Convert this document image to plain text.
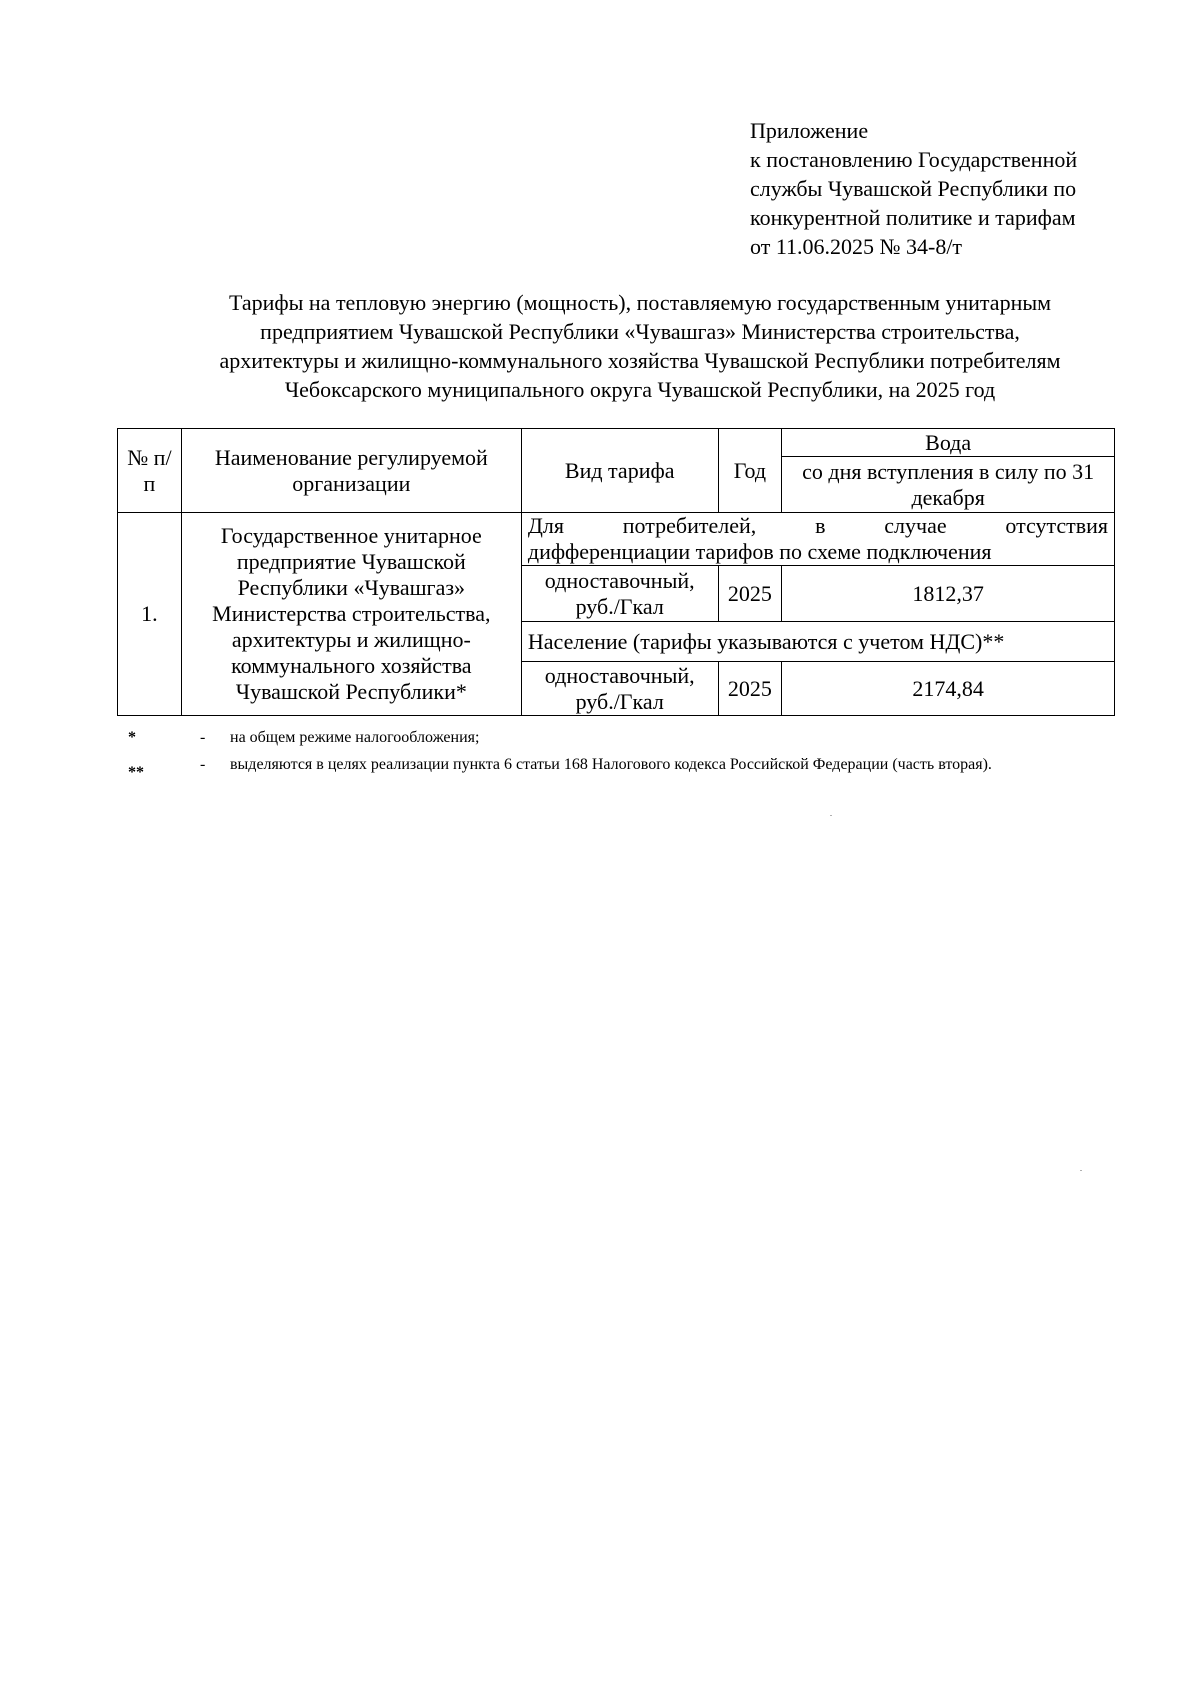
Приложение
к постановлению Государственной
службы Чувашской Республики по
конкурентной политике и тарифам
от 11.06.2025 № 34-8/т
Тарифы на тепловую энергию (мощность), поставляемую государственным унитарным
предприятием Чувашской Республики «Чувашгаз» Министерства строительства,
архитектуры и жилищно-коммунального хозяйства Чувашской Республики потребителям
Чебоксарского муниципального округа Чувашской Республики, на 2025 год
№ п/п	Наименование регулируемой организации	Вид тарифа	Год	Вода
				со дня вступления в силу по 31 декабря
1.	Государственное унитарное предприятие Чувашской Республики «Чувашгаз» Министерства строительства, архитектуры и жилищно-коммунального хозяйства Чувашской Республики*	Для потребителей, в случае отсутствия
дифференциации тарифов по схеме подключения		
		одноставочный, руб./Гкал	2025	1812,37
		Население (тарифы указываются с учетом НДС)**		
		одноставочный, руб./Гкал	2025	2174,84
*	- на общем режиме налогообложения;
**	- выделяются в целях реализации пункта 6 статьи 168 Налогового кодекса Российской Федерации (часть вторая).
